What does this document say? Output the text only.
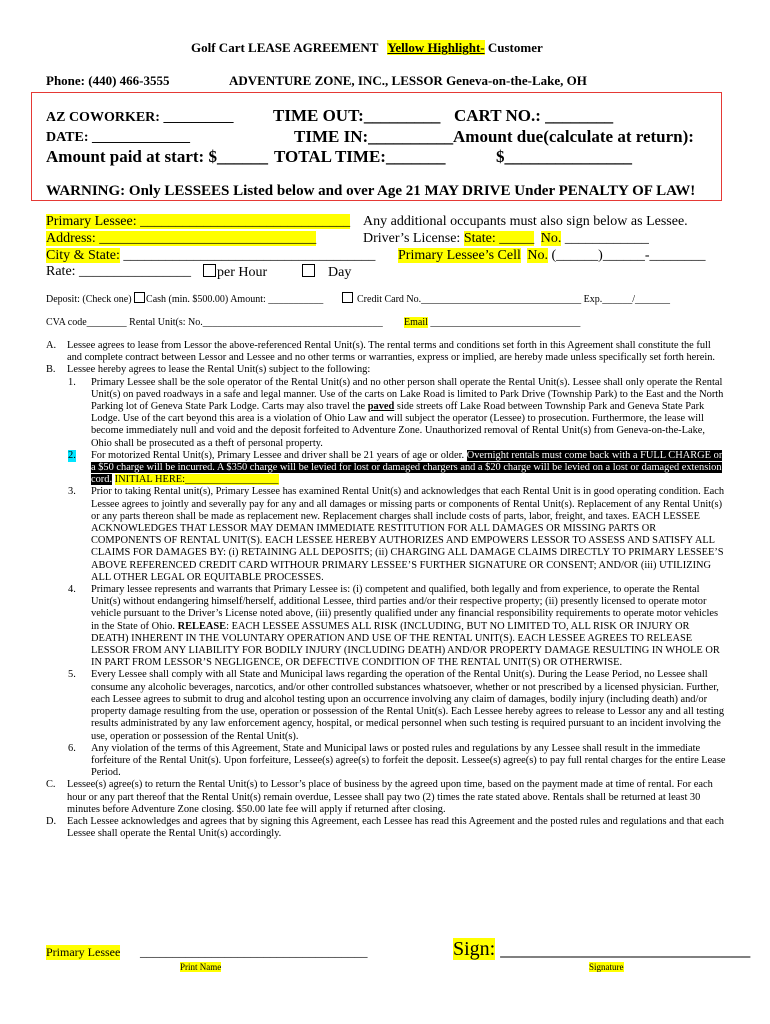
Golf Cart LEASE AGREEMENT Yellow Highlight- Customer
Phone: (440) 466-3555	ADVENTURE ZONE, INC., LESSOR Geneva-on-the-Lake, OH
AZ COWORKER: __________ TIME OUT:_________ CART NO.: ________
DATE: ______________	TIME IN:__________ Amount due(calculate at return):
Amount paid at start: $______ TOTAL TIME:_______	$_______________
WARNING: Only LESSEES Listed below and over Age 21 MAY DRIVE Under PENALTY OF LAW!
Primary Lessee: ______________________________ Any additional occupants must also sign below as Lessee.
Address: _______________________________	Driver’s License: State: _____ No. ____________
City & State: ____________________________________ Primary Lessee’s Cell No. (______)______-________
Rate: ________________	per Hour	Day
Deposit: (Check one) Cash (min. $500.00) Amount: ___________	Credit Card No.________________________________ Exp.______/_______
CVA code________ Rental Unit(s: No.____________________________________ Email ______________________________
A. Lessee agrees to lease from Lessor the above-referenced Rental Unit(s). The rental terms and conditions set forth in this Agreement shall constitute the full and complete contract between Lessor and Lessee and no other terms or warranties, express or implied, are hereby made unless specifically set forth herein.
B. Lessee hereby agrees to lease the Rental Unit(s) subject to the following:
1. Primary Lessee shall be the sole operator of the Rental Unit(s) and no other person shall operate the Rental Unit(s). Lessee shall only operate the Rental Unit(s) on paved roadways in a safe and legal manner. Use of the carts on Lake Road is limited to Park Drive (Township Park) to the East and the North Parking lot of Geneva State Park Lodge. Carts may also travel the paved side streets off Lake Road between Township Park and Geneva State Park Lodge. Use of the cart beyond this area is a violation of Ohio Law and will subject the operator (Lessee) to prosecution. Furthermore, the lease will become immediately null and void and the deposit forfeited to Adventure Zone. Unauthorized removal of Rental Unit(s) from Geneva-on-the-Lake, Ohio shall be prosecuted as a theft of personal property.
2. For motorized Rental Unit(s), Primary Lessee and driver shall be 21 years of age or older. Overnight rentals must come back with a FULL CHARGE or a $50 charge will be incurred. A $350 charge will be levied for lost or damaged chargers and a $20 charge will be levied on a lost or damaged extension cord. INITIAL HERE:__________________
3. Prior to taking Rental unit(s), Primary Lessee has examined Rental Unit(s) and acknowledges that each Rental Unit is in good operating condition. Each Lessee agrees to jointly and severally pay for any and all damages or missing parts or components of Rental Unit(s). Replacement of any Rental Unit(s) or any parts thereon shall be made as replacement new. Replacement charges shall include costs of parts, labor, freight, and taxes. EACH LESSEE ACKNOWLEDGES THAT LESSOR MAY DEMAN IMMEDIATE RESTITUTION FOR ALL DAMAGES OR MISSING PARTS OR COMPONENTS OF RENTAL UNIT(S). EACH LESSEE HEREBY AUTHORIZES AND EMPOWERS LESSOR TO ASSESS AND SATISFY ALL CLAIMS FOR DAMAGES BY: (i) RETAINING ALL DEPOSITS; (ii) CHARGING ALL DAMAGE CLAIMS DIRECTLY TO PRIMARY LESSEE’S ABOVE REFERENCED CREDIT CARD WITHOUR PRIMARY LESSEE’S FURTHER SIGNATURE OR CONSENT; AND/OR (iii) UTILIZING ALL OTHER LEGAL OR EQUITABLE PROCESSES.
4. Primary lessee represents and warrants that Primary Lessee is: (i) competent and qualified, both legally and from experience, to operate the Rental Unit(s) without endangering himself/herself, additional Lessee, third parties and/or their respective property; (ii) presently licensed to operate motor vehicle pursuant to the Driver’s License noted above, (iii) presently qualified under any financial responsibility requirements to operate motor vehicles in the State of Ohio. RELEASE: EACH LESSEE ASSUMES ALL RISK (INCLUDING, BUT NO LIMITED TO, ALL RISK OR INJURY OR DEATH) INHERENT IN THE VOLUNTARY OPERATION AND USE OF THE RENTAL UNIT(S). EACH LESSEE AGREES TO RELEASE LESSOR FROM ANY LIABILITY FOR BODILY INJURY (INCLUDING DEATH) AND/OR PROPERTY DAMAGE RESULTING IN WHOLE OR IN PART FROM LESSOR’S NEGLIGENCE, OR DEFECTIVE CONDITION OF THE RENTAL UNIT(S) OR OTHERWISE.
5. Every Lessee shall comply with all State and Municipal laws regarding the operation of the Rental Unit(s). During the Lease Period, no Lessee shall consume any alcoholic beverages, narcotics, and/or other controlled substances whatsoever, whether or not prescribed by a licensed physician. Further, each Lessee agrees to submit to drug and alcohol testing upon an occurrence involving any claim of damages, bodily injury (including death) and/or property damage resulting from the use, operation or possession of the Rental Unit(s). Each Lessee hereby agrees to release to Lessor any and all testing results administrated by any law enforcement agency, hospital, or medical personnel when such testing is required pursuant to an incident involving the use, operation or possession of the Rental Unit(s).
6. Any violation of the terms of this Agreement, State and Municipal laws or posted rules and regulations by any Lessee shall result in the immediate forfeiture of the Rental Unit(s). Upon forfeiture, Lessee(s) agree(s) to forfeit the deposit. Lessee(s) agree(s) to pay full rental charges for the entire Lease Period.
C. Lessee(s) agree(s) to return the Rental Unit(s) to Lessor’s place of business by the agreed upon time, based on the payment made at time of rental. For each hour or any part thereof that the Rental Unit(s) remain overdue, Lessee shall pay two (2) times the rate stated above. Rentals shall be returned at least 30 minutes before Adventure Zone closing. $50.00 late fee will apply if returned after closing.
D. Each Lessee acknowledges and agrees that by signing this Agreement, each Lessee has read this Agreement and the posted rules and regulations and that each Lessee shall operate the Rental Unit(s) accordingly.
Primary Lessee ___________________________________
Print Name
Sign: _________________________
Signature
